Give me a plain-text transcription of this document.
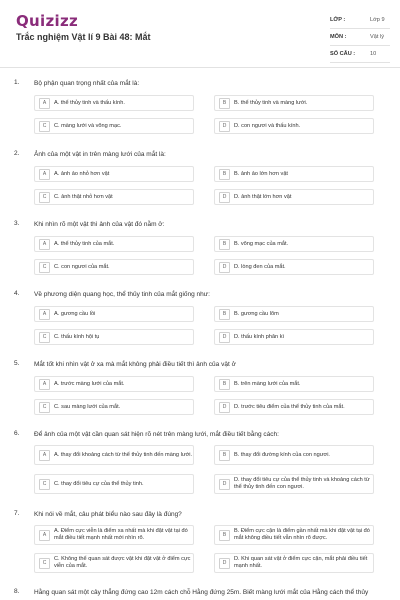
Quizizz
Trắc nghiệm Vật lí 9 Bài 48: Mắt
LỚP :	Lớp 9
MÔN :	Vật lý
SỐ CÂU :	10
1. Bộ phận quan trọng nhất của mắt là:
A	A. thể thủy tinh và thấu kính.	B	B. thể thủy tinh và màng lưới.
C	C. màng lưới và võng mạc.	D	D. con ngươi và thấu kính.
2. Ảnh của một vật in trên màng lưới của mắt là:
A	A. ảnh ảo nhỏ hơn vật	B	B. ảnh ảo lớn hơn vật
C	C. ảnh thật nhỏ hơn vật	D	D. ảnh thật lớn hơn vật
3. Khi nhìn rõ một vật thì ảnh của vật đó nằm ở:
A	A. thể thủy tinh của mắt.	B	B. võng mạc của mắt.
C	C. con ngươi của mắt.	D	D. lòng đen của mắt.
4. Về phương diện quang học, thể thủy tinh của mắt giống như:
A	A. gương cầu lồi	B	B. gương cầu lõm
C	C. thấu kính hội tụ	D	D. thấu kính phân kì
5. Mắt tốt khi nhìn vật ở xa mà mắt không phải điều tiết thì ảnh của vật ở
A	A. trước màng lưới của mắt.	B	B. trên màng lưới của mắt.
C	C. sau màng lưới của mắt.	D	D. trước tiêu điểm của thể thủy tinh của mắt.
6. Để ảnh của một vật cần quan sát hiện rõ nét trên màng lưới, mắt điều tiết bằng cách:
A	A. thay đổi khoảng cách từ thể thủy tinh đến màng lưới.	B	B. thay đổi đường kính của con ngươi.
C	C. thay đổi tiêu cự của thể thủy tinh.	D
D. thay đổi tiêu cự của thể thủy tinh và khoảng cách từ thể thủy tinh đến con ngươi.
7. Khi nói về mắt, câu phát biểu nào sau đây là đúng?
A
A. Điểm cực viễn là điểm xa nhất mà khi đặt vật tại đó mắt điều tiết mạnh nhất mới nhìn rõ.	B
B. Điểm cực cận là điểm gần nhất mà khi đặt vật tại đó mắt không điều tiết vẫn nhìn rõ được.
C
C. Không thể quan sát được vật khi đặt vật ở điểm cực viễn của mắt.	D
D. Khi quan sát vật ở điểm cực cận, mắt phải điều tiết mạnh nhất.
8. Hằng quan sát một cây thẳng đứng cao 12m cách chỗ Hằng đứng 25m. Biết màng lưới mắt của Hằng cách thể thủy
